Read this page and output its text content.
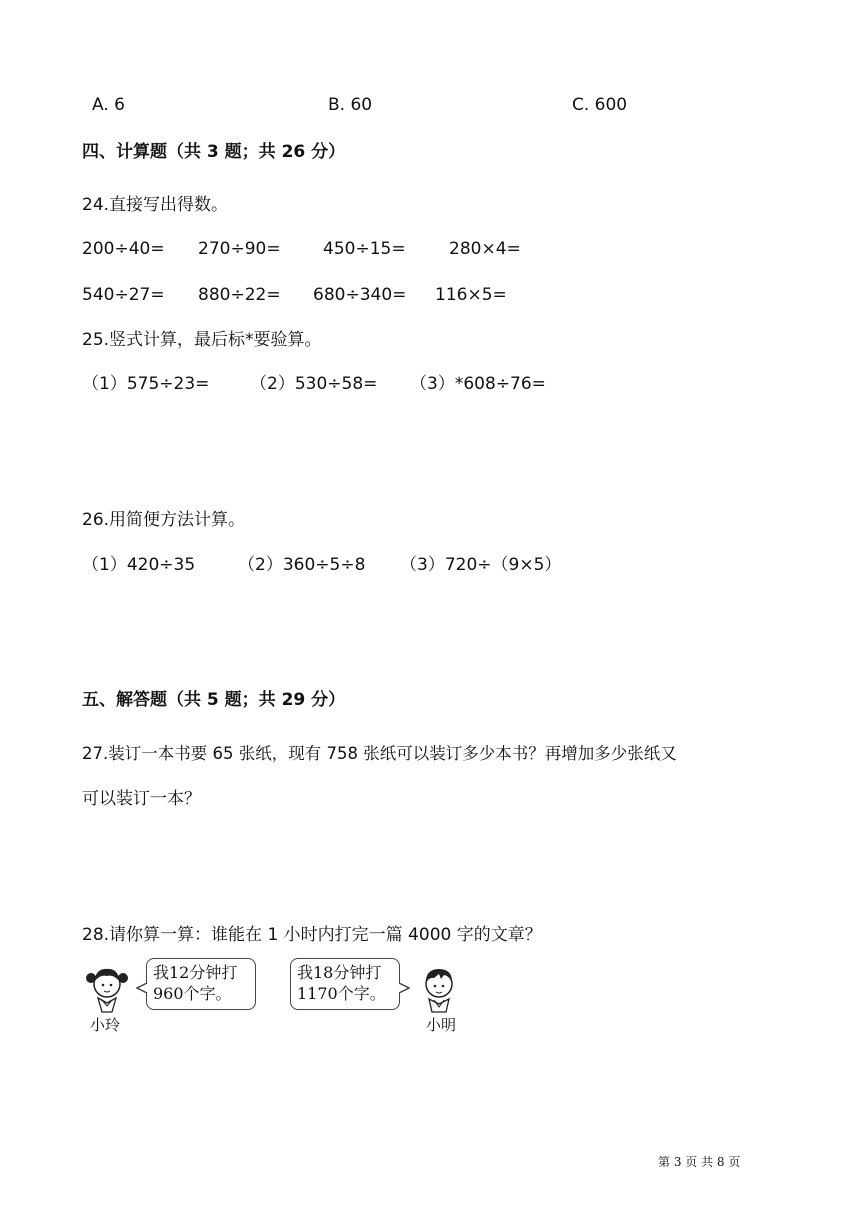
A. 6	B. 60	C. 600
四、计算题（共 3 题；共 26 分）
24.直接写出得数。
200÷40= 270÷90= 450÷15=	280×4=
540÷27= 880÷22= 680÷340= 116×5=
25.竖式计算，最后标*要验算。
（1）575÷23= （2）530÷58= （3）*608÷76=
26.用简便方法计算。
（1）420÷35	（2）360÷5÷8 （3）720÷（9×5）
五、解答题（共 5 题；共 29 分）
27.装订一本书要 65 张纸，现有 758 张纸可以装订多少本书？再增加多少张纸又
可以装订一本？
28.请你算一算：谁能在 1 小时内打完一篇 4000 字的文章？
小玲
我12分钟打
960个字。
我18分钟打
1170个字。
小明
第 3 页 共 8 页
